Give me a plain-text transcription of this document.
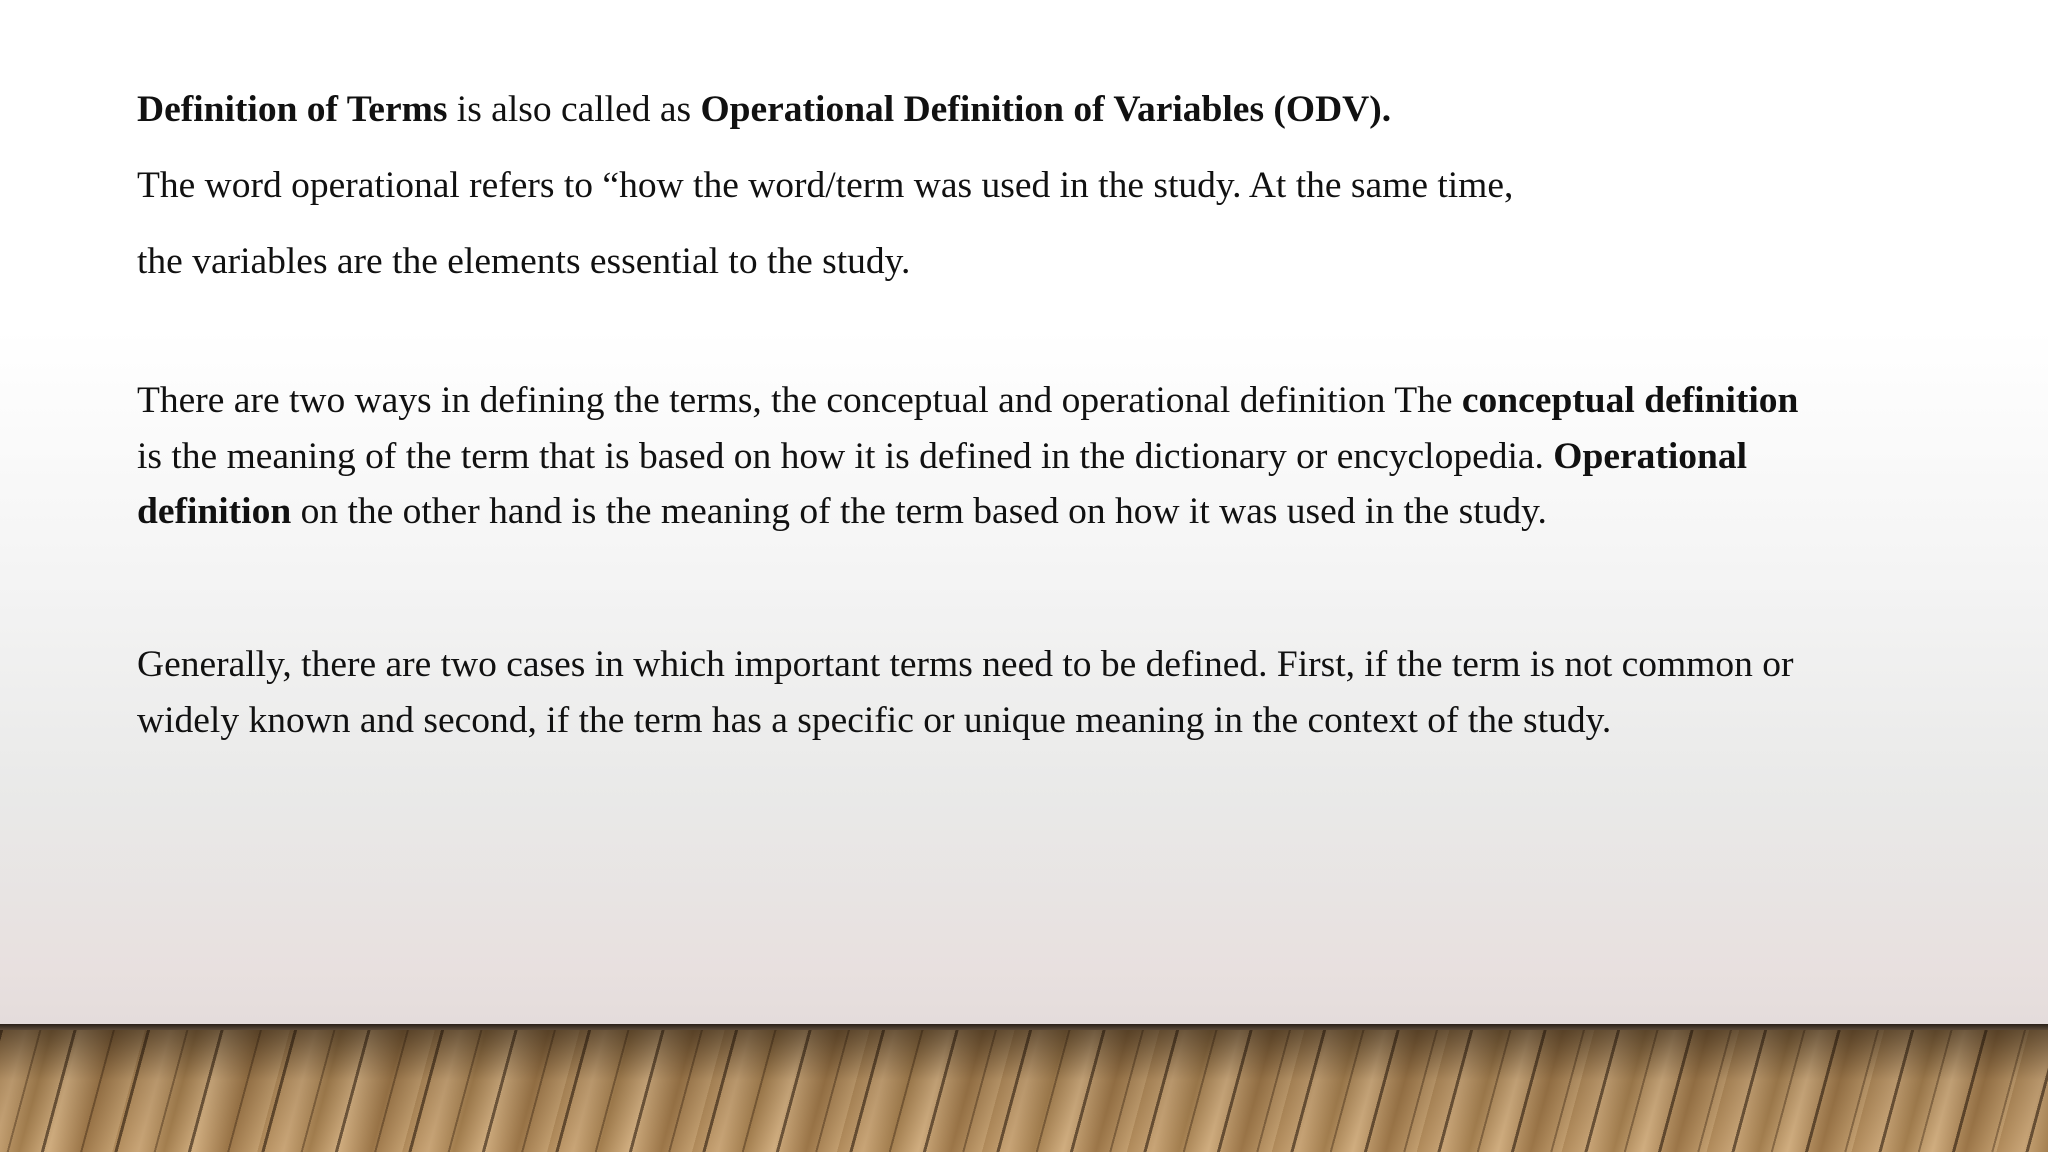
Definition of Terms is also called as Operational Definition of Variables (ODV).

The word operational refers to “how the word/term was used in the study. At the same time,

the variables are the elements essential to the study.

There are two ways in defining the terms, the conceptual and operational definition The conceptual definition

is the meaning of the term that is based on how it is defined in the dictionary or encyclopedia. Operational

definition on the other hand is the meaning of the term based on how it was used in the study.

Generally, there are two cases in which important terms need to be defined. First, if the term is not common or

widely known and second, if the term has a specific or unique meaning in the context of the study.
